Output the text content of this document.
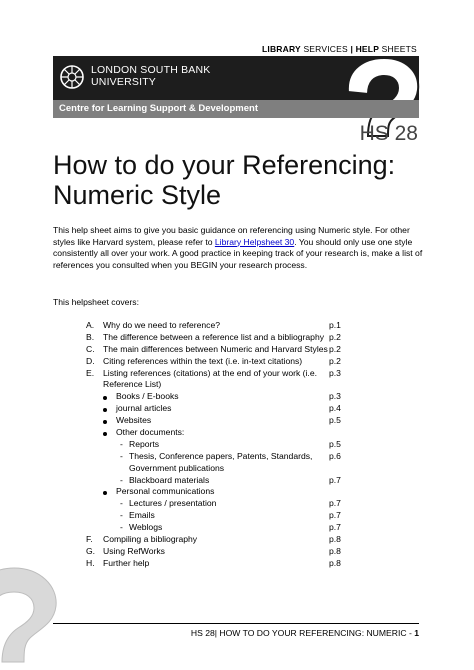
LIBRARY SERVICES | HELP SHEETS
LONDON SOUTH BANK
UNIVERSITY
Centre for Learning Support & Development
HS 28
How to do your Referencing:
Numeric Style
This help sheet aims to give you basic guidance on referencing using Numeric style. For other styles like Harvard system, please refer to Library Helpsheet 30. You should only use one style consistently all over your work. A good practice in keeping track of your research is, make a list of references you consulted when you BEGIN your research process.
This helpsheet covers:
A. Why do we need to reference?	p.1
B. The difference between a reference list and a bibliography p.2
C. The main differences between Numeric and Harvard Styles p.2
D. Citing references within the text (i.e. in-text citations)	p.2
E. Listing references (citations) at the end of your work (i.e. p.3
Reference List)
Books / E-books	p.3
journal articles	p.4
Websites	p.5
Other documents:
- Reports	p.5
- Thesis, Conference papers, Patents, Standards, p.6
Government publications
- Blackboard materials	p.7
Personal communications
- Lectures / presentation	p.7
- Emails	p.7
- Weblogs	p.7
F. Compiling a bibliography	p.8
G. Using RefWorks	p.8
H. Further help	p.8
HS 28| HOW TO DO YOUR REFERENCING: NUMERIC - 1
